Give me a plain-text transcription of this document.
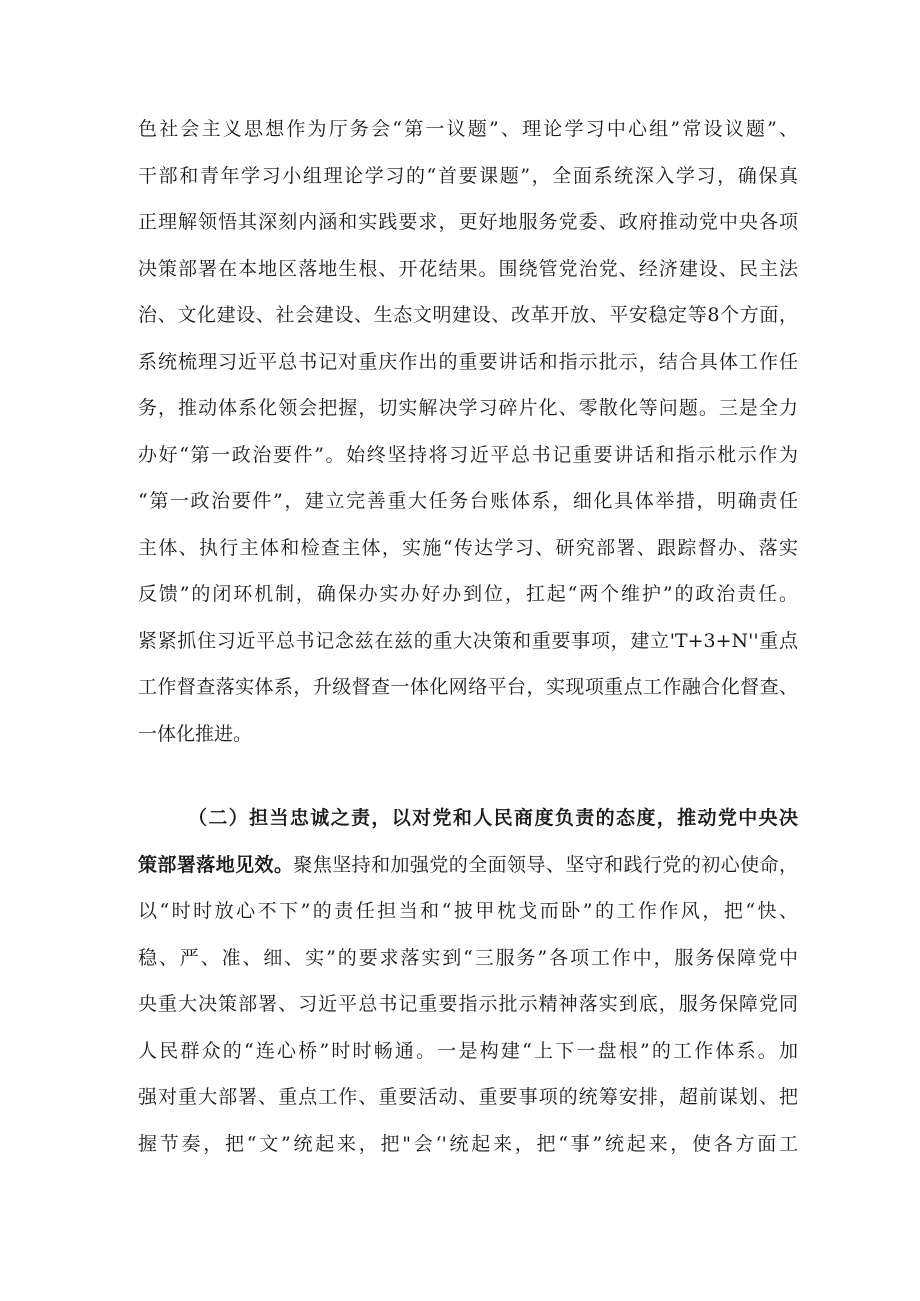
色社会主义思想作为厅务会“第一议题”、理论学习中心组”常设议题”、
干部和青年学习小组理论学习的“首要课题”，全面系统深入学习，确保真
正理解领悟其深刻内涵和实践要求，更好地服务党委、政府推动党中央各项
决策部署在本地区落地生根、开花结果。围绕管党治党、经济建设、民主法
治、文化建设、社会建设、生态文明建设、改革开放、平安稳定等8个方面，
系统梳理习近平总书记对重庆作出的重要讲话和指示批示，结合具体工作任
务，推动体系化领会把握，切实解决学习碎片化、零散化等问题。三是全力
办好“第一政治要件”。始终坚持将习近平总书记重要讲话和指示枇示作为
“第一政治要件”，建立完善重大任务台账体系，细化具体举措，明确责任
主体、执行主体和检查主体，实施“传达学习、研究部署、跟踪督办、落实
反馈”的闭环机制，确保办实办好办到位，扛起“两个维护”的政治责任。
紧紧抓住习近平总书记念兹在兹的重大决策和重要事项，建立'T+3+N''重点
工作督查落实体系，升级督查一体化网络平台，实现项重点工作融合化督查、
一体化推进。
（二）担当忠诚之责，以对党和人民商度负责的态度，推动党中央决
策部署落地见效。聚焦坚持和加强党的全面领导、坚守和践行党的初心使命，
以“时时放心不下”的责任担当和“披甲枕戈而卧”的工作作风，把“快、
稳、严、准、细、实”的要求落实到“三服务”各项工作中，服务保障党中
央重大决策部署、习近平总书记重要指示批示精神落实到底，服务保障党同
人民群众的“连心桥”时时畅通。一是构建“上下一盘根”的工作体系。加
强对重大部署、重点工作、重要活动、重要事项的统筹安排，超前谋划、把
握节奏，把“文”统起来，把"会‘'统起来，把“事”统起来，使各方面工
